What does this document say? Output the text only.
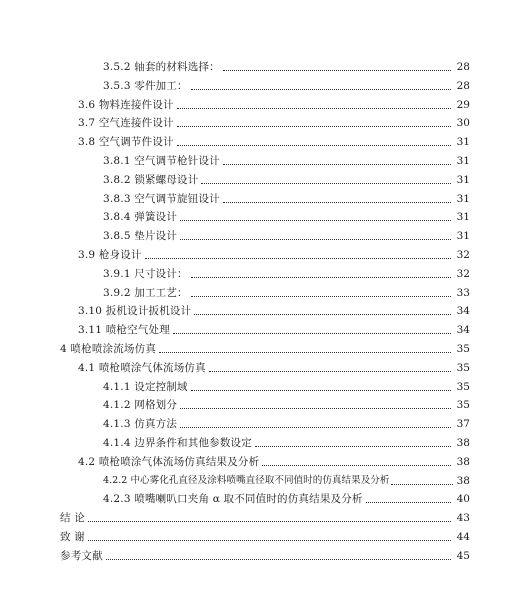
3.5.2 轴套的材料选择：	28
3.5.3 零件加工：	28
3.6 物料连接件设计	29
3.7 空气连接件设计	30
3.8 空气调节件设计	31
3.8.1 空气调节枪针设计	31
3.8.2 锁紧螺母设计	31
3.8.3 空气调节旋钮设计	31
3.8.4 弹簧设计	31
3.8.5 垫片设计	31
3.9 枪身设计	32
3.9.1 尺寸设计：	32
3.9.2 加工工艺：	33
3.10 扳机设计扳机设计	34
3.11 喷枪空气处理	34
4 喷枪喷涂流场仿真	35
4.1 喷枪喷涂气体流场仿真	35
4.1.1 设定控制域	35
4.1.2 网格划分	35
4.1.3 仿真方法	37
4.1.4 边界条件和其他参数设定	38
4.2 喷枪喷涂气体流场仿真结果及分析	38
4.2.2 中心雾化孔直径及涂料喷嘴直径取不同值时的仿真结果及分析	38
4.2.3 喷嘴喇叭口夹角 α 取不同值时的仿真结果及分析	40
结 论	43
致 谢	44
参考文献	45
